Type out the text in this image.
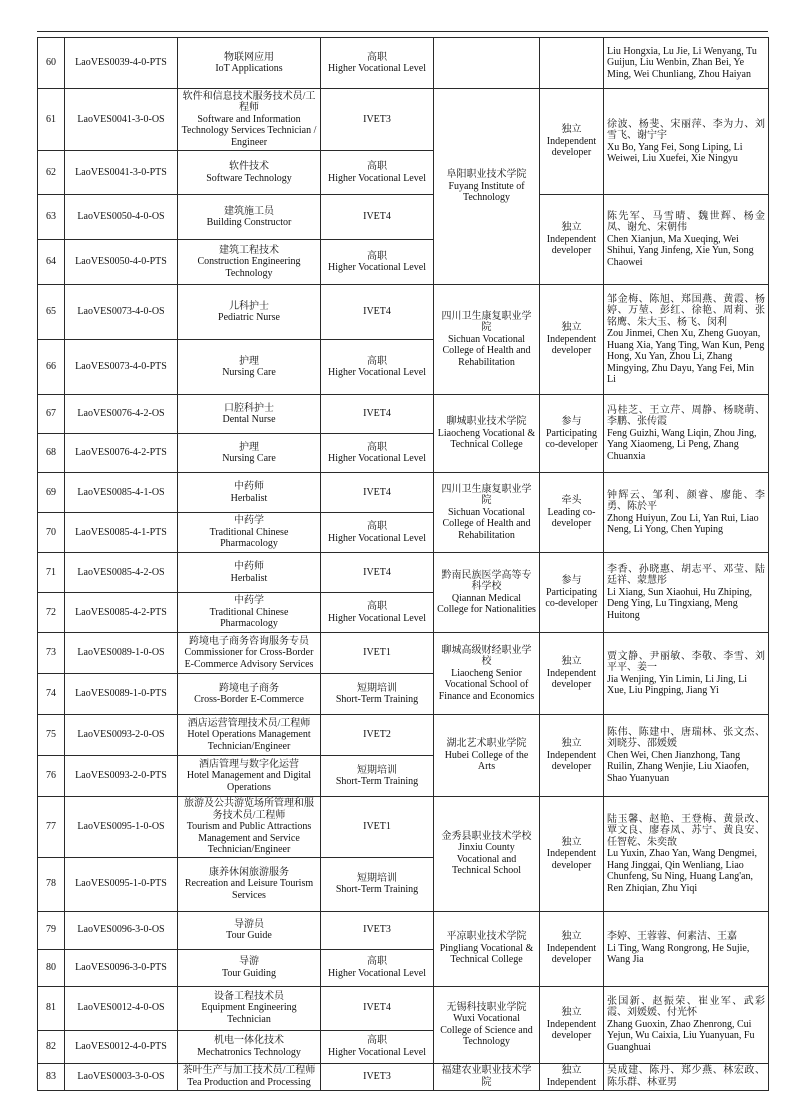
60	LaoVES0039-4-0-PTS	物联网应用
IoT Applications	高职
Higher Vocational Level			Liu Hongxia, Lu Jie, Li Wenyang, Tu Guijun, Liu Wenbin, Zhan Bei, Ye Ming, Wei Chunliang, Zhou Haiyan

61	LaoVES0041-3-0-OS	软件和信息技术服务技术员/工程师
Software and Information Technology Services Technician / Engineer	IVET3	阜阳职业技术学院
Fuyang Institute of Technology	独立
Independent developer	徐波、杨斐、宋丽萍、李为力、刘雪飞、谢宁宇
Xu Bo, Yang Fei, Song Liping, Li Weiwei, Liu Xuefei, Xie Ningyu

62	LaoVES0041-3-0-PTS	软件技术
Software Technology	高职
Higher Vocational Level			

63	LaoVES0050-4-0-OS	建筑施工员
Building Constructor	IVET4		独立
Independent developer	陈先军、马雪晴、魏世辉、杨金凤、谢允、宋朝伟
Chen Xianjun, Ma Xueqing, Wei Shihui, Yang Jinfeng, Xie Yun, Song Chaowei

64	LaoVES0050-4-0-PTS	建筑工程技术
Construction Engineering Technology	高职
Higher Vocational Level			

65	LaoVES0073-4-0-OS	儿科护士
Pediatric Nurse	IVET4	四川卫生康复职业学院
Sichuan Vocational College of Health and Rehabilitation	独立
Independent developer	邹金梅、陈旭、郑国燕、黄霞、杨婷、万堃、彭红、徐艳、周莉、张铭鹰、朱大玉、杨飞、闵利
Zou Jinmei, Chen Xu, Zheng Guoyan, Huang Xia, Yang Ting, Wan Kun, Peng Hong, Xu Yan, Zhou Li, Zhang Mingying, Zhu Dayu, Yang Fei, Min Li

66	LaoVES0073-4-0-PTS	护理
Nursing Care	高职
Higher Vocational Level			

67	LaoVES0076-4-2-OS	口腔科护士
Dental Nurse	IVET4	聊城职业技术学院
Liaocheng Vocational & Technical College	参与
Participating co-developer	冯桂芝、王立芹、周静、杨晓萌、李鹏、张传霞
Feng Guizhi, Wang Liqin, Zhou Jing, Yang Xiaomeng, Li Peng, Zhang Chuanxia

68	LaoVES0076-4-2-PTS	护理
Nursing Care	高职
Higher Vocational Level			

69	LaoVES0085-4-1-OS	中药师
Herbalist	IVET4	四川卫生康复职业学院
Sichuan Vocational College of Health and Rehabilitation	牵头
Leading co-developer	钟辉云、邹利、颜睿、廖能、李勇、陈於平
Zhong Huiyun, Zou Li, Yan Rui, Liao Neng, Li Yong, Chen Yuping

70	LaoVES0085-4-1-PTS	中药学
Traditional Chinese Pharmacology	高职
Higher Vocational Level			

71	LaoVES0085-4-2-OS	中药师
Herbalist	IVET4	黔南民族医学高等专科学校
Qiannan Medical College for Nationalities	参与
Participating co-developer	李香、孙晓惠、胡志平、邓莹、陆廷祥、蒙慧彤
Li Xiang, Sun Xiaohui, Hu Zhiping, Deng Ying, Lu Tingxiang, Meng Huitong

72	LaoVES0085-4-2-PTS	中药学
Traditional Chinese Pharmacology	高职
Higher Vocational Level			

73	LaoVES0089-1-0-OS	跨境电子商务咨询服务专员
Commissioner for Cross-Border E-Commerce Advisory Services	IVET1	聊城高级财经职业学校
Liaocheng Senior Vocational School of Finance and Economics	独立
Independent developer	贾文静、尹丽敏、李敬、李雪、刘平平、姜一
Jia Wenjing, Yin Limin, Li Jing, Li Xue, Liu Pingping, Jiang Yi

74	LaoVES0089-1-0-PTS	跨境电子商务
Cross-Border E-Commerce	短期培训
Short-Term Training			

75	LaoVES0093-2-0-OS	酒店运营管理技术员/工程师
Hotel Operations Management Technician/Engineer	IVET2	湖北艺术职业学院
Hubei College of the Arts	独立
Independent developer	陈伟、陈建中、唐瑞林、张文杰、刘晓芬、邵媛媛
Chen Wei, Chen Jianzhong, Tang Ruilin, Zhang Wenjie, Liu Xiaofen, Shao Yuanyuan

76	LaoVES0093-2-0-PTS	酒店管理与数字化运营
Hotel Management and Digital Operations	短期培训
Short-Term Training			

77	LaoVES0095-1-0-OS	旅游及公共游览场所管理和服务技术员/工程师
Tourism and Public Attractions Management and Service Technician/Engineer	IVET1	金秀县职业技术学校
Jinxiu County Vocational and Technical School	独立
Independent developer	陆玉馨、赵艳、王登梅、黄景改、覃文良、廖春凤、苏宁、黄良安、任智乾、朱奕敔
Lu Yuxin, Zhao Yan, Wang Dengmei, Hang Jinggai, Qin Wenliang, Liao Chunfeng, Su Ning, Huang Lang'an, Ren Zhiqian, Zhu Yiqi

78	LaoVES0095-1-0-PTS	康养休闲旅游服务
Recreation and Leisure Tourism Services	短期培训
Short-Term Training			

79	LaoVES0096-3-0-OS	导游员
Tour Guide	IVET3	平凉职业技术学院
Pingliang Vocational & Technical College	独立
Independent developer	李婷、王蓉蓉、何素洁、王嘉
Li Ting, Wang Rongrong, He Sujie, Wang Jia

80	LaoVES0096-3-0-PTS	导游
Tour Guiding	高职
Higher Vocational Level			

81	LaoVES0012-4-0-OS	设备工程技术员
Equipment Engineering Technician	IVET4	无锡科技职业学院
Wuxi Vocational College of Science and Technology	独立
Independent developer	张国新、赵振荣、崔业军、武彩霞、刘媛媛、付光怀
Zhang Guoxin, Zhao Zhenrong, Cui Yejun, Wu Caixia, Liu Yuanyuan, Fu Guanghuai

82	LaoVES0012-4-0-PTS	机电一体化技术
Mechatronics Technology	高职
Higher Vocational Level			

83	LaoVES0003-3-0-OS	茶叶生产与加工技术员/工程师
Tea Production and Processing	IVET3	福建农业职业技术学院	独立
Independent	吴成建、陈丹、郑少燕、林宏政、陈乐群、林亚男
